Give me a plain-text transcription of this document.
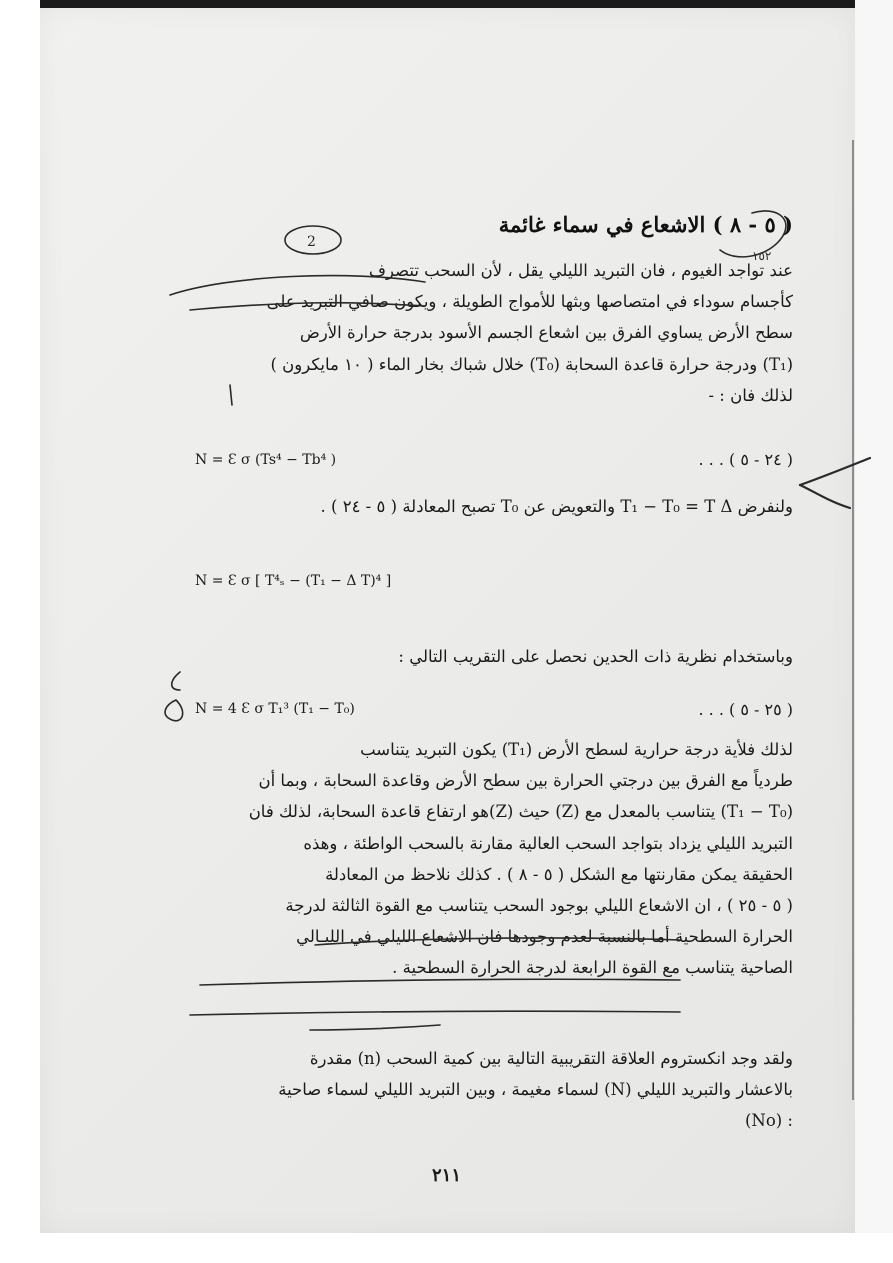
( ٥ - ٨ ) الاشعاع في سماء غائمة
عند تواجد الغيوم ، فان التبريد الليلي يقل ، لأن السحب تتصرف
كأجسام سوداء في امتصاصها وبثها للأمواج الطويلة ، ويكون صافي التبريد على
سطح الأرض يساوي الفرق بين اشعاع الجسم الأسود بدرجة حرارة الأرض
(T₁) ودرجة حرارة قاعدة السحابة (T₀) خلال شباك بخار الماء ( ١٠ مايكرون )
لذلك فان : -
N = Ɛ σ (Ts⁴ − Tb⁴ )	( ٢٤ - ٥ ) . . .
ولنفرض T₁ − T₀ = T Δ والتعويض عن T₀ تصبح المعادلة ( ٥ - ٢٤ ) .
N = Ɛ σ [ T⁴ₛ − (T₁ − Δ T)⁴ ]
وباستخدام نظرية ذات الحدين نحصل على التقريب التالي :
N = 4 Ɛ σ T₁³ (T₁ − T₀)	( ٢٥ - ٥ ) . . .
لذلك فلأية درجة حرارية لسطح الأرض (T₁) يكون التبريد يتناسب
طردياً مع الفرق بين درجتي الحرارة بين سطح الأرض وقاعدة السحابة ، وبما أن
(T₁ − T₀) يتناسب بالمعدل مع (Z) حيث (Z)هو ارتفاع قاعدة السحابة، لذلك فان
التبريد الليلي يزداد بتواجد السحب العالية مقارنة بالسحب الواطئة ، وهذه
الحقيقة يمكن مقارنتها مع الشكل ( ٥ - ٨ ) . كذلك نلاحظ من المعادلة
( ٥ - ٢٥ ) ، ان الاشعاع الليلي بوجود السحب يتناسب مع القوة الثالثة لدرجة
الحرارة السطحية أما بالنسبة لعدم وجودها فان الاشعاع الليلي في الليـالي
الصاحية يتناسب مع القوة الرابعة لدرجة الحرارة السطحية .
ولقد وجد انكستروم العلاقة التقريبية التالية بين كمية السحب (n) مقدرة
بالاعشار والتبريد الليلي (N) لسماء مغيمة ، وبين التبريد الليلي لسماء صاحية
: (No)
٢١١
2
١٥٢
